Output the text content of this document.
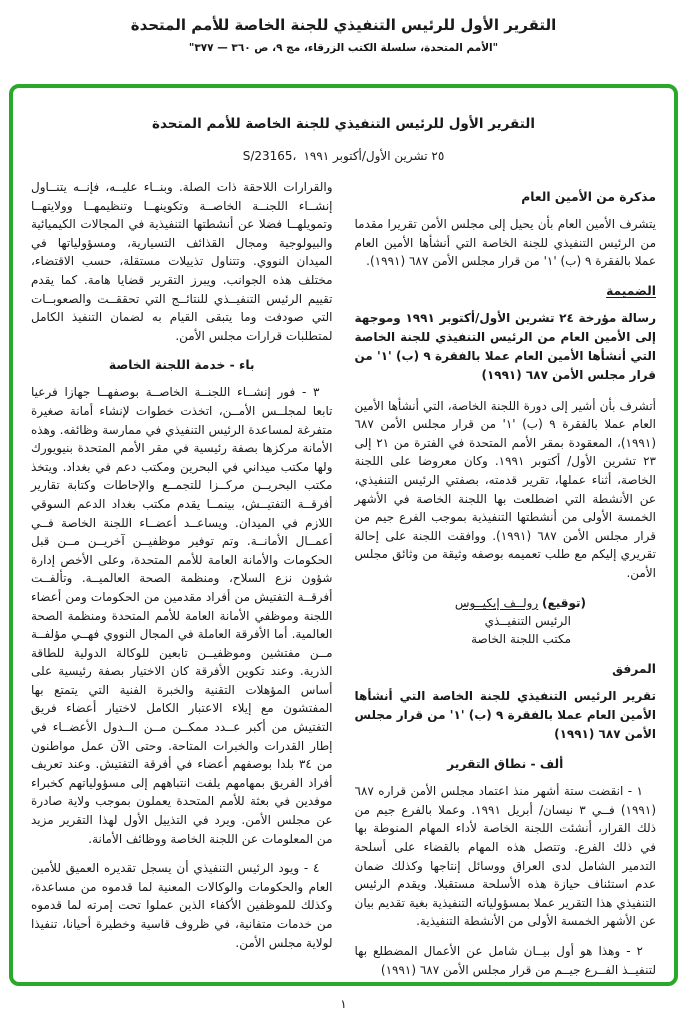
التقرير الأول للرئيس التنفيذي للجنة الخاصة للأمم المتحدة
"الأمم المتحدة، سلسلة الكتب الزرقاء، مج ٩، ص ٣٦٠ — ٣٧٧"
التقرير الأول للرئيس التنفيذي للجنة الخاصة للأمم المتحدة
S/23165، ٢٥ تشرين الأول/أكتوبر ١٩٩١
مذكرة من الأمين العام

يتشرف الأمين العام بأن يحيل إلى مجلس الأمن تقريرا مقدما من الرئيس التنفيذي للجنة الخاصة التي أنشأها الأمين العام عملا بالفقرة ٩ (ب) '١' من قرار مجلس الأمن ٦٨٧ (١٩٩١).

الضميمة

رسالة مؤرخة ٢٤ تشرين الأول/أكتوبر ١٩٩١ وموجهة إلى الأمين العام من الرئيس التنفيذي للجنة الخاصة التي أنشأها الأمين العام عملا بالفقرة ٩ (ب) '١' من قرار مجلس الأمن ٦٨٧ (١٩٩١)

أتشرف بأن أشير إلى دورة اللجنة الخاصة، التي أنشأها الأمين العام عملا بالفقرة ٩ (ب) '١' من قرار مجلس الأمن ٦٨٧ (١٩٩١)، المعقودة بمقر الأمم المتحدة في الفترة من ٢١ إلى ٢٣ تشرين الأول/ أكتوبر ١٩٩١. وكان معروضا على اللجنة الخاصة، أثناء عملها، تقرير قدمته، بصفتي الرئيس التنفيذي، عن الأنشطة التي اضطلعت بها اللجنة الخاصة في الأشهر الخمسة الأولى من أنشطتها التنفيذية بموجب الفرع جيم من قرار مجلس الأمن ٦٨٧ (١٩٩١). ووافقت اللجنة على إحالة تقريري إليكم مع طلب تعميمه بوصفه وثيقة من وثائق مجلس الأمن.

(توقيع) رولــف إيكيــوس
الرئيس التنفيــذي
مكتب اللجنة الخاصة
المرفق

تقرير الرئيس التنفيذي للجنة الخاصة التي أنشأها الأمين العام عملا بالفقرة ٩ (ب) '١' من قرار مجلس الأمن ٦٨٧ (١٩٩١)

ألف - نطاق التقرير

١ - انقضت ستة أشهر منذ اعتماد مجلس الأمن قراره ٦٨٧ (١٩٩١) فــي ٣ نيسان/ أبريل ١٩٩١. وعملا بالفرع جيم من ذلك القرار، أنشئت اللجنة الخاصة لأداء المهام المنوطة بها في ذلك الفرع. وتتصل هذه المهام بالقضاء على أسلحة التدمير الشامل لدى العراق ووسائل إنتاجها وكذلك ضمان عدم استئناف حيازة هذه الأسلحة مستقبلا. ويقدم الرئيس التنفيذي هذا التقرير عملا بمسؤولياته التنفيذية بغية تقديم بيان عن الأشهر الخمسة الأولى من الأنشطة التنفيذية.

٢ - وهذا هو أول بيــان شامل عن الأعمال المضطلع بها لتنفيــذ الفــرع جيــم من قرار مجلس الأمن ٦٨٧ (١٩٩١)

والقرارات اللاحقة ذات الصلة. وبنــاء عليــه، فإنــه يتنــاول إنشــاء اللجنــة الخاصــة وتكوينهــا وتنظيمهــا وولايتهــا وتمويلهــا فضلا عن أنشطتها التنفيذية في المجالات الكيميائية والبيولوجية ومجال القذائف التسيارية، ومسؤولياتها في الميدان النووي. وتتناول تذييلات مستقلة، حسب الاقتضاء، مختلف هذه الجوانب. ويبرز التقرير قضايا هامة. كما يقدم تقييم الرئيس التنفيــذي للنتائــج التي تحققــت والصعوبــات التي صودفت وما يتبقى القيام به لضمان التنفيذ الكامل لمتطلبات قرارات مجلس الأمن.

باء - خدمة اللجنة الخاصة

٣ - فور إنشــاء اللجنــة الخاصــة بوصفهــا جهازا فرعيا تابعا لمجلــس الأمــن، اتخذت خطوات لإنشاء أمانة صغيرة متفرغة لمساعدة الرئيس التنفيذي في ممارسة وظائفه. وهذه الأمانة مركزها بصفة رئيسية في مقر الأمم المتحدة بنيويورك ولها مكتب ميداني في البحرين ومكتب دعم في بغداد. ويتخذ مكتب البحريــن مركــزا للتجمــع والإحاطات وكتابة تقارير أفرقــة التفتيــش، بينمــا يقدم مكتب بغداد الدعم السوقي اللازم في الميدان. ويساعــد أعضــاء اللجنة الخاصة فــي أعمــال الأمانــة. وتم توفير موظفيــن آخريــن مــن قبل الحكومات والأمانة العامة للأمم المتحدة، وعلى الأخص إدارة شؤون نزع السلاح، ومنظمة الصحة العالميــة. وتألفــت أفرقــة التفتيش من أفراد مقدمين من الحكومات ومن أعضاء اللجنة وموظفي الأمانة العامة للأمم المتحدة ومنظمة الصحة العالمية. أما الأفرقة العاملة في المجال النووي فهــي مؤلفــة مــن مفتشين وموظفيــن تابعين للوكالة الدولية للطاقة الذرية. وعند تكوين الأفرقة كان الاختيار بصفة رئيسية على أساس المؤهلات التقنية والخبرة الفنية التي يتمتع بها المفتشون مع إيلاء الاعتبار الكامل لاختيار أعضاء فريق التفتيش من أكبر عــدد ممكــن مــن الــدول الأعضــاء في إطار القدرات والخبرات المتاحة. وحتى الآن عمل مواطنون من ٣٤ بلدا بوصفهم أعضاء في أفرقة التفتيش. وعند تعريف أفراد الفريق بمهامهم يلفت انتباههم إلى مسؤولياتهم كخبراء موفدين في بعثة للأمم المتحدة يعملون بموجب ولاية صادرة عن مجلس الأمن. ويرد في التذييل الأول لهذا التقرير مزيد من المعلومات عن اللجنة الخاصة ووظائف الأمانة.

٤ - ويود الرئيس التنفيذي أن يسجل تقديره العميق للأمين العام والحكومات والوكالات المعنية لما قدموه من مساعدة، وكذلك للموظفين الأكفاء الذين عملوا تحت إمرته لما قدموه من خدمات متفانية، في ظروف قاسية وخطيرة أحيانا، تنفيذا لولاية مجلس الأمن.

١
